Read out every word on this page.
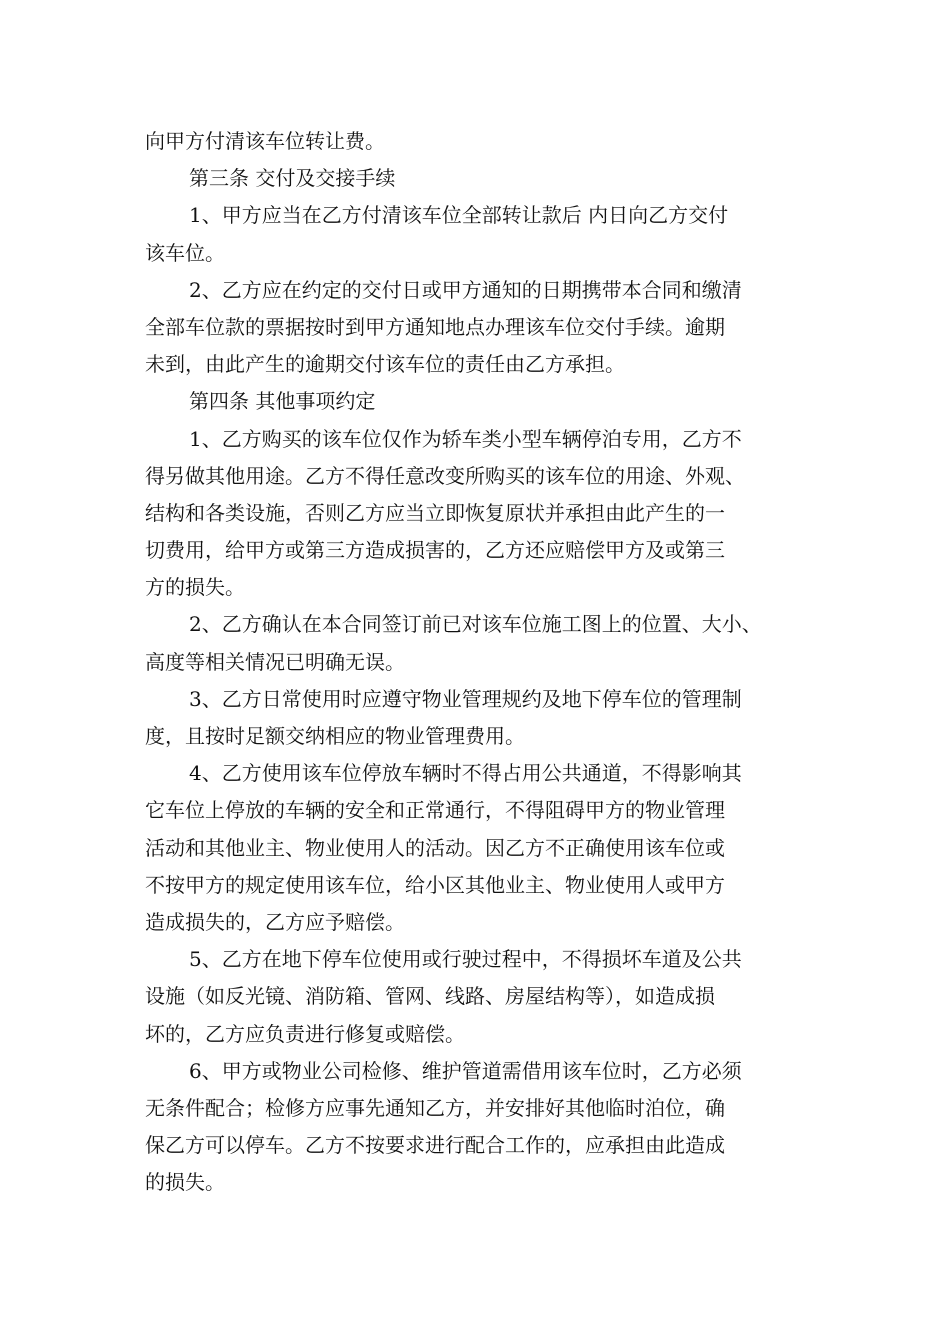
向甲方付清该车位转让费。
第三条 交付及交接手续
1、甲方应当在乙方付清该车位全部转让款后 内日向乙方交付
该车位。
2、乙方应在约定的交付日或甲方通知的日期携带本合同和缴清
全部车位款的票据按时到甲方通知地点办理该车位交付手续。逾期
未到，由此产生的逾期交付该车位的责任由乙方承担。
第四条 其他事项约定
1、乙方购买的该车位仅作为轿车类小型车辆停泊专用，乙方不
得另做其他用途。乙方不得任意改变所购买的该车位的用途、外观、
结构和各类设施，否则乙方应当立即恢复原状并承担由此产生的一
切费用，给甲方或第三方造成损害的，乙方还应赔偿甲方及或第三
方的损失。
2、乙方确认在本合同签订前已对该车位施工图上的位置、大小、
高度等相关情况已明确无误。
3、乙方日常使用时应遵守物业管理规约及地下停车位的管理制
度，且按时足额交纳相应的物业管理费用。
4、乙方使用该车位停放车辆时不得占用公共通道，不得影响其
它车位上停放的车辆的安全和正常通行，不得阻碍甲方的物业管理
活动和其他业主、物业使用人的活动。因乙方不正确使用该车位或
不按甲方的规定使用该车位，给小区其他业主、物业使用人或甲方
造成损失的，乙方应予赔偿。
5、乙方在地下停车位使用或行驶过程中，不得损坏车道及公共
设施（如反光镜、消防箱、管网、线路、房屋结构等），如造成损
坏的，乙方应负责进行修复或赔偿。
6、甲方或物业公司检修、维护管道需借用该车位时，乙方必须
无条件配合；检修方应事先通知乙方，并安排好其他临时泊位，确
保乙方可以停车。乙方不按要求进行配合工作的，应承担由此造成
的损失。
